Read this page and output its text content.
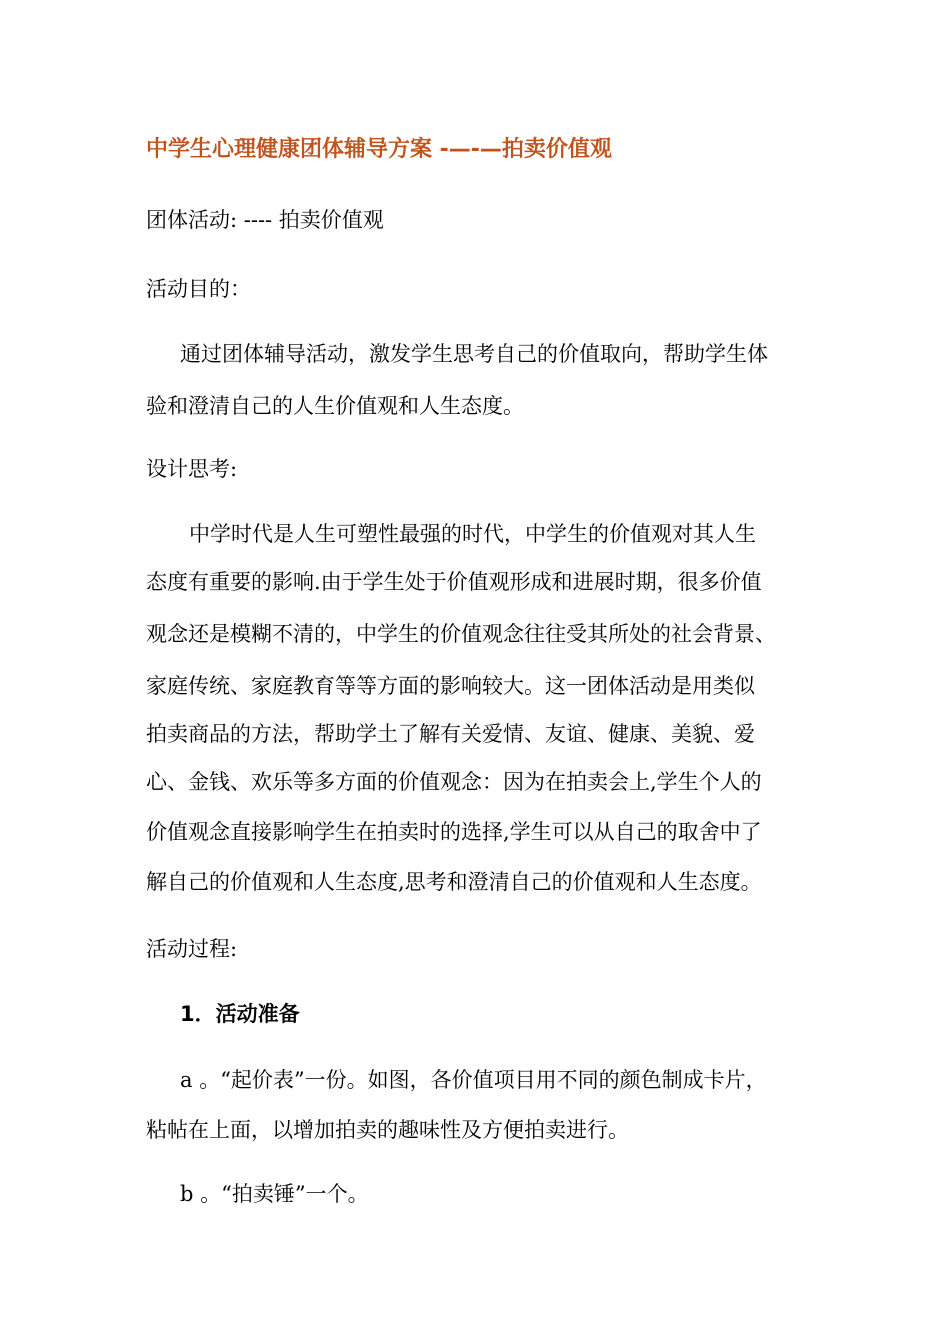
中学生心理健康团体辅导方案 -—-—拍卖价值观
团体活动: ---- 拍卖价值观
活动目的：
通过团体辅导活动，激发学生思考自己的价值取向，帮助学生体
验和澄清自己的人生价值观和人生态度。
设计思考:
中学时代是人生可塑性最强的时代，中学生的价值观对其人生
态度有重要的影响.由于学生处于价值观形成和进展时期，很多价值
观念还是模糊不清的，中学生的价值观念往往受其所处的社会背景、
家庭传统、家庭教育等等方面的影响较大。这一团体活动是用类似
拍卖商品的方法，帮助学土了解有关爱情、友谊、健康、美貌、爱
心、金钱、欢乐等多方面的价值观念：因为在拍卖会上,学生个人的
价值观念直接影响学生在拍卖时的选择,学生可以从自己的取舍中了
解自己的价值观和人生态度,思考和澄清自己的价值观和人生态度。
活动过程:
1．活动准备
a 。“起价表”一份。如图，各价值项目用不同的颜色制成卡片，
粘帖在上面，以增加拍卖的趣味性及方便拍卖进行。
b 。“拍卖锤”一个。
